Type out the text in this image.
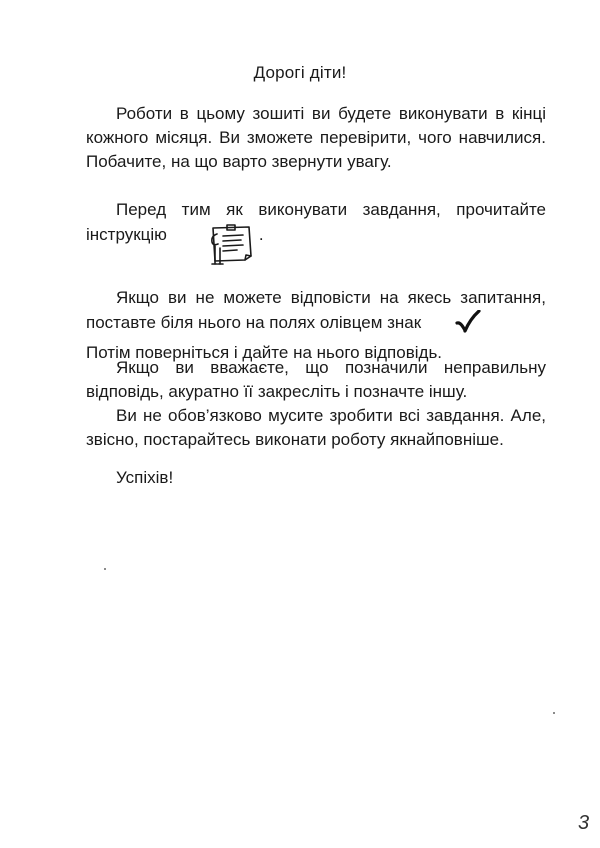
Дорогі діти!
Роботи в цьому зошиті ви будете виконувати в кінці кожного місяця. Ви зможете перевірити, чого навчилися. Побачите, на що варто звернути увагу.
Перед тим як виконувати завдання, прочитайте інструкцію	.
Якщо ви не можете відповісти на якесь запитання, поставте біля нього на полях олівцем знак
Потім поверніться і дайте на нього відповідь.
Якщо ви вважаєте, що позначили неправильну відповідь, акуратно її закресліть і позначте іншу.
Ви не обов’язково мусите зробити всі завдання. Але, звісно, постарайтесь виконати роботу якнайповніше.
Успіхів!
3
